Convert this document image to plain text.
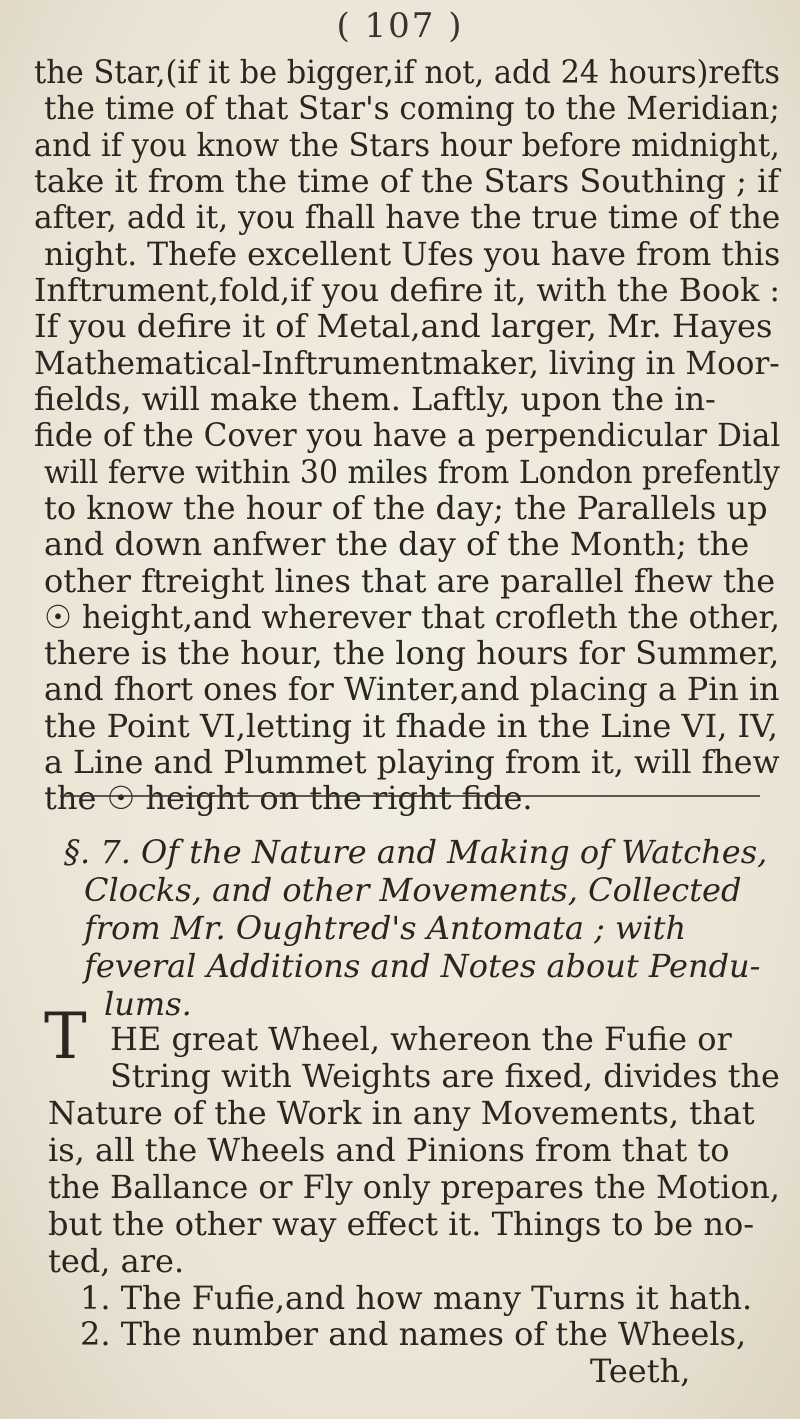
( 107 )
the Star,(if it be bigger,if not, add 24 hours)refts
the time of that Star's coming to the Meridian;
and if you know the Stars hour before midnight,
take it from the time of the Stars Southing ; if
after, add it, you fhall have the true time of the
night. Thefe excellent Ufes you have from this
Inftrument,fold,if you defire it, with the Book :
If you defire it of Metal,and larger, Mr. Hayes
Mathematical-Inftrumentmaker, living in Moor-
fields, will make them. Laftly, upon the in-
fide of the Cover you have a perpendicular Dial
will ferve within 30 miles from London prefently
to know the hour of the day; the Parallels up
and down anfwer the day of the Month; the
other ftreight lines that are parallel fhew the
☉ height,and wherever that crofleth the other,
there is the hour, the long hours for Summer,
and fhort ones for Winter,and placing a Pin in
the Point VI,letting it fhade in the Line VI, IV,
a Line and Plummet playing from it, will fhew
the ☉ height on the right fide.
§. 7. Of the Nature and Making of Watches,
Clocks, and other Movements, Collected
from Mr. Oughtred's Antomata ; with
feveral Additions and Notes about Pendu-
lums.
T HE great Wheel, whereon the Fufie or
String with Weights are fixed, divides the
Nature of the Work in any Movements, that
is, all the Wheels and Pinions from that to
the Ballance or Fly only prepares the Motion,
but the other way effect it. Things to be no-
ted, are.
1. The Fufie,and how many Turns it hath.
2. The number and names of the Wheels,
Teeth,
